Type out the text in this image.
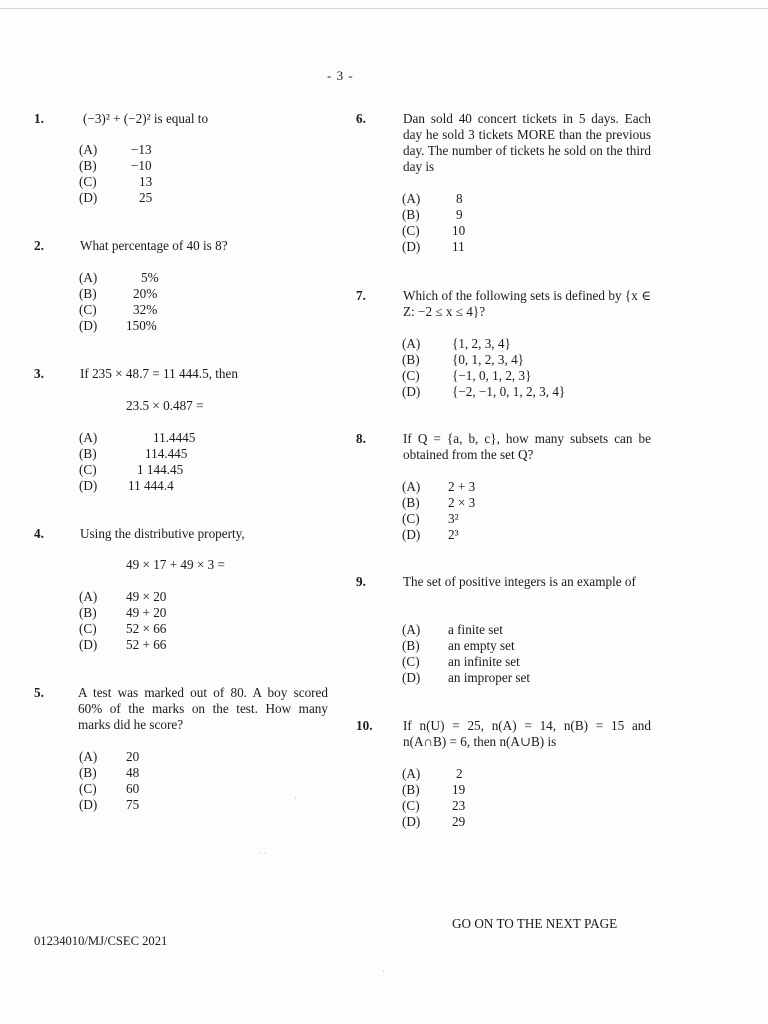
- 3 -
1.	(−3)² + (−2)² is equal to
(A)	−13
(B)	−10
(C)	13
(D)	25
2.	What percentage of 40 is 8?
(A)	5%
(B)	20%
(C)	32%
(D) 150%
3.	If 235 × 48.7 = 11 444.5, then
23.5 × 0.487 =
(A)	11.4445
(B)	114.445
(C)	1 144.45
(D) 11 444.4
4.	Using the distributive property,
49 × 17 + 49 × 3 =
(A) 49 × 20
(B) 49 + 20
(C) 52 × 66
(D) 52 + 66
5.	A test was marked out of 80. A boy scored 60% of the marks on the test. How many marks did he score?
(A) 20
(B) 48
(C) 60
(D) 75
6.	Dan sold 40 concert tickets in 5 days. Each day he sold 3 tickets MORE than the previous day. The number of tickets he sold on the third day is
(A)	8
(B)	9
(C) 10
(D) 11
7.	Which of the following sets is defined by {x ∈ Z: −2 ≤ x ≤ 4}?
(A) {1, 2, 3, 4}
(B) {0, 1, 2, 3, 4}
(C) {−1, 0, 1, 2, 3}
(D) {−2, −1, 0, 1, 2, 3, 4}
8.	If Q = {a, b, c}, how many subsets can be obtained from the set Q?
(A) 2 + 3
(B) 2 × 3
(C) 3²
(D) 2³
9.	The set of positive integers is an example of
(A) a finite set
(B) an empty set
(C) an infinite set
(D) an improper set
10. If n(U) = 25, n(A) = 14, n(B) = 15 and n(A∩B) = 6, then n(A∪B) is
(A)	2
(B) 19
(C) 23
(D) 29
GO ON TO THE NEXT PAGE
01234010/MJ/CSEC 2021
· ·
·
·
